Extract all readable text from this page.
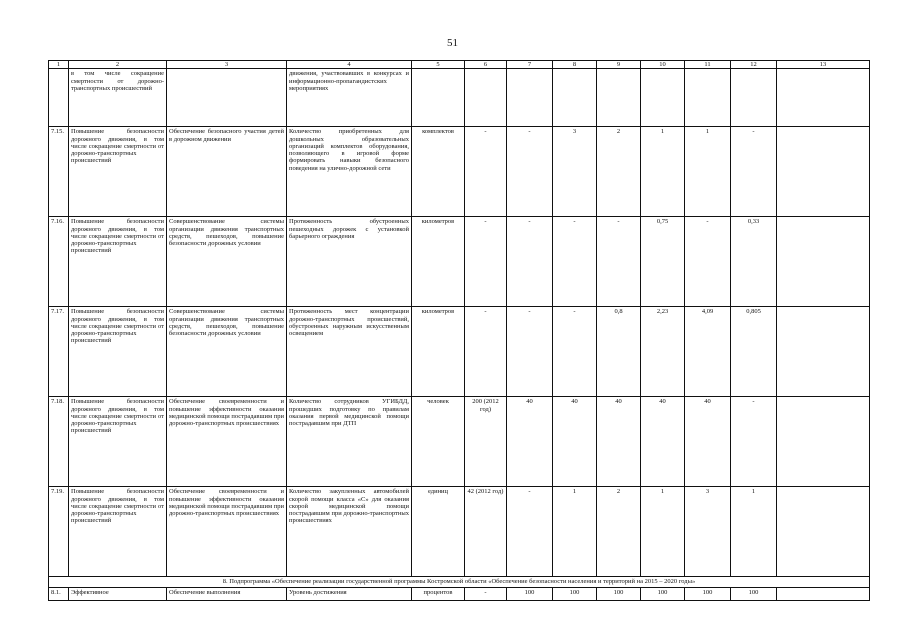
51
1	2	3	4	5	6	7	8	9	10	11	12	13
	в том числе сокращение смертности от дорожно-транспортных происшествий		движения, участвовавших в конкурсах и информационно-пропагандистских мероприятиях									
7.15.	Повышение безопасности дорожного движения, в том числе сокращение смертности от дорожно-транспортных происшествий	Обеспечение безопасного участия детей в дорожном движении	Количество приобретенных для дошкольных образовательных организаций комплектов оборудования, позволяющего в игровой форме формировать навыки безопасного поведения на улично-дорожной сети	комплектов	-	-	3	2	1	1	-	
7.16.	Повышение безопасности дорожного движения, в том числе сокращение смертности от дорожно-транспортных происшествий	Совершенствование системы организации движения транспортных средств, пешеходов, повышение безопасности дорожных условии	Протяженность обустроенных пешеходных дорожек с установкой барьерного ограждения	километров	-	-	-	-	0,75	-	0,33	
7.17.	Повышение безопасности дорожного движения, в том числе сокращение смертности от дорожно-транспортных происшествий	Совершенствование системы организации движения транспортных средств, пешеходов, повышение безопасности дорожных условии	Протяженность мест концентрации дорожно-транспортных происшествий, обустроенных наружным искусственным освещением	километров	-	-	-	0,8	2,23	4,09	0,805	
7.18.	Повышение безопасности дорожного движения, в том числе сокращение смертности от дорожно-транспортных происшествий	Обеспечение своевременности и повышение эффективности оказания медицинской помощи пострадавшим при дорожно-транспортных происшествиях	Количество сотрудников УГИБДД, прошедших подготовку по правилам оказания первой медицинской помощи пострадавшим при ДТП	человек	200 (2012 год)	40	40	40	40	40	-	
7.19.	Повышение безопасности дорожного движения, в том числе сокращение смертности от дорожно-транспортных происшествий	Обеспечение своевременности и повышение эффективности оказания медицинской помощи пострадавшим при дорожно-транспортных происшествиях	Количество закупленных автомобилей скорой помощи класса «С» для оказания скорой медицинской помощи пострадавшим при дорожно-транспортных происшествиях	единиц	42 (2012 год)	-	1	2	1	3	1	
8. Подпрограмма «Обеспечение реализации государственной программы Костромской области «Обеспечение безопасности населения и территорий на 2015 – 2020 годы»												
8.1.	Эффективное	Обеспечение выполнения	Уровень достижения	процентов	-	100	100	100	100	100	100	
